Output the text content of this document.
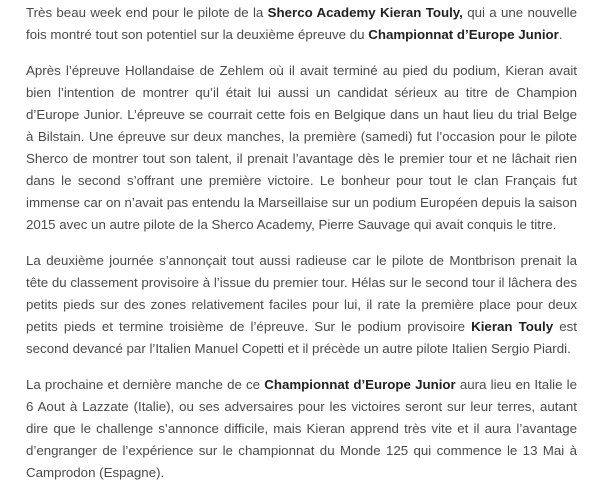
Très beau week end pour le pilote de la Sherco Academy Kieran Touly, qui a une nouvelle fois montré tout son potentiel sur la deuxième épreuve du Championnat d’Europe Junior.

Après l’épreuve Hollandaise de Zehlem où il avait terminé au pied du podium, Kieran avait bien l’intention de montrer qu’il était lui aussi un candidat sérieux au titre de Champion d’Europe Junior. L’épreuve se courrait cette fois en Belgique dans un haut lieu du trial Belge à Bilstain. Une épreuve sur deux manches, la première (samedi) fut l’occasion pour le pilote Sherco de montrer tout son talent, il prenait l’avantage dès le premier tour et ne lâchait rien dans le second s’offrant une première victoire. Le bonheur pour tout le clan Français fut immense car on n’avait pas entendu la Marseillaise sur un podium Européen depuis la saison 2015 avec un autre pilote de la Sherco Academy, Pierre Sauvage qui avait conquis le titre.

La deuxième journée s’annonçait tout aussi radieuse car le pilote de Montbrison prenait la tête du classement provisoire à l’issue du premier tour. Hélas sur le second tour il lâchera des petits pieds sur des zones relativement faciles pour lui, il rate la première place pour deux petits pieds et termine troisième de l’épreuve. Sur le podium provisoire Kieran Touly est second devancé par l’Italien Manuel Copetti et il précède un autre pilote Italien Sergio Piardi.

La prochaine et dernière manche de ce Championnat d’Europe Junior aura lieu en Italie le 6 Aout à Lazzate (Italie), ou ses adversaires pour les victoires seront sur leur terres, autant dire que le challenge s’annonce difficile, mais Kieran apprend très vite et il aura l’avantage d’engranger de l’expérience sur le championnat du Monde 125 qui commence le 13 Mai à Camprodon (Espagne).
